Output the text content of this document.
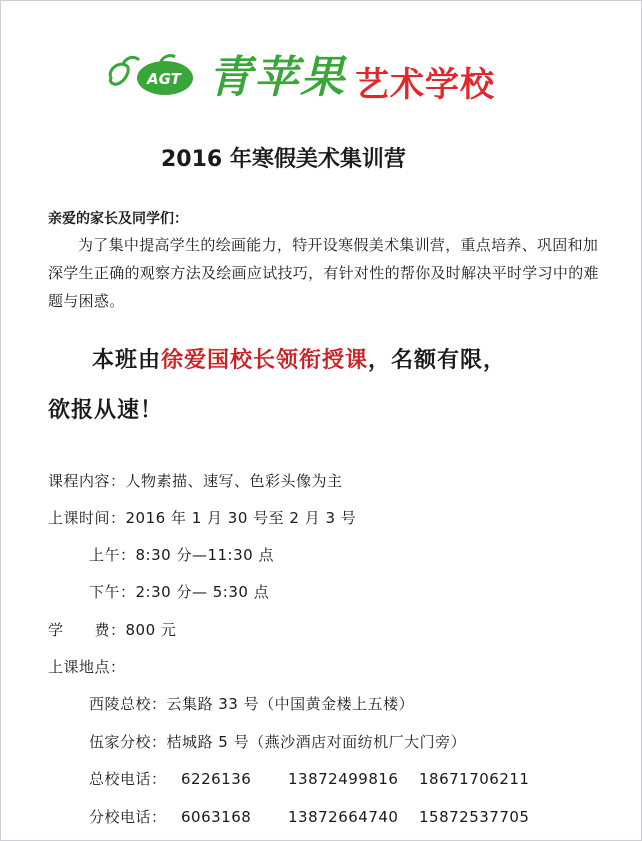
AGT 青苹果 艺术学校
2016 年寒假美术集训营
亲爱的家长及同学们：
为了集中提高学生的绘画能力，特开设寒假美术集训营，重点培养、巩固和加深学生正确的观察方法及绘画应试技巧，有针对性的帮你及时解决平时学习中的难题与困惑。
本班由徐爱国校长领衔授课，名额有限，
欲报从速！
课程内容：人物素描、速写、色彩头像为主
上课时间：2016 年 1 月 30 号至 2 月 3 号
上午：8:30 分—11:30 点
下午：2:30 分— 5:30 点
学　　费：800 元
上课地点：
西陵总校：云集路 33 号（中国黄金楼上五楼）
伍家分校：桔城路 5 号（燕沙酒店对面纺机厂大门旁）
总校电话： 6226136 13872499816 18671706211
分校电话： 6063168 13872664740 15872537705
